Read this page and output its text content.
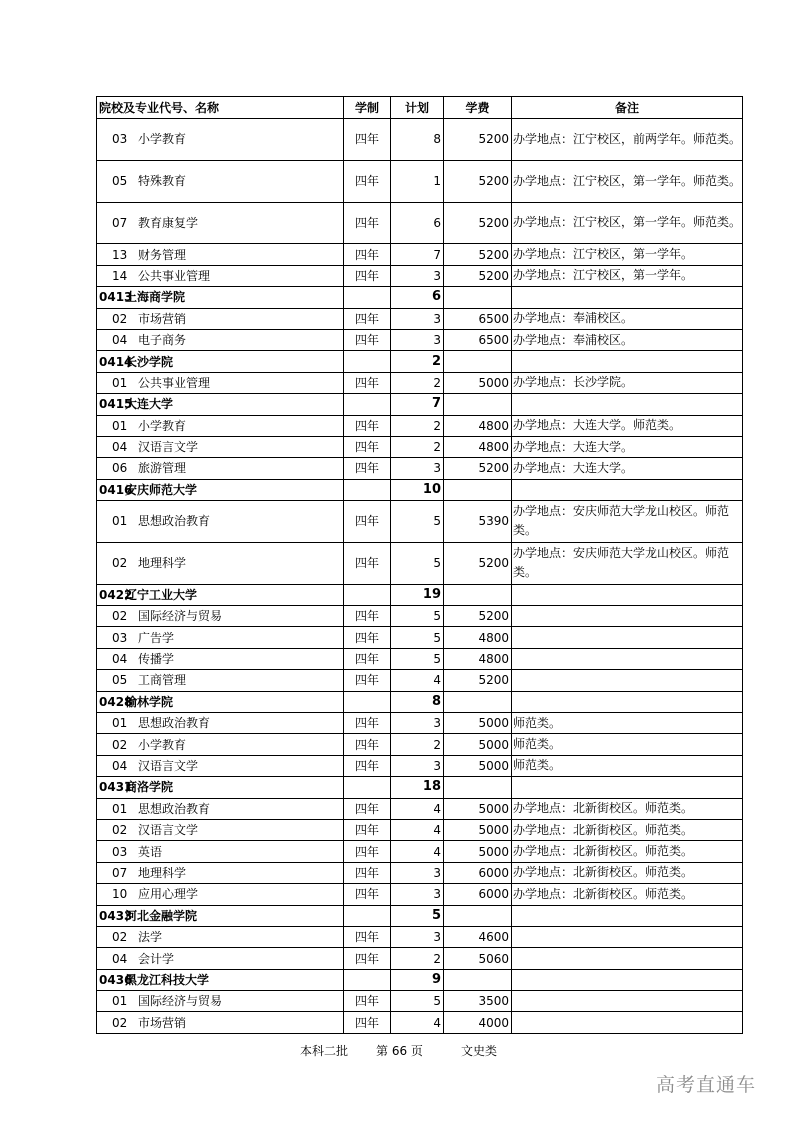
院校及专业代号、名称	学制	计划	学费	备注
03 小学教育	四年	8	5200	办学地点：江宁校区，前两学年。师范类。
05 特殊教育	四年	1	5200	办学地点：江宁校区，第一学年。师范类。
07 教育康复学	四年	6	5200	办学地点：江宁校区，第一学年。师范类。
13 财务管理	四年	7	5200	办学地点：江宁校区，第一学年。
14 公共事业管理	四年	3	5200	办学地点：江宁校区，第一学年。
0413上海商学院		6		
02 市场营销	四年	3	6500	办学地点：奉浦校区。
04 电子商务	四年	3	6500	办学地点：奉浦校区。
0414长沙学院		2		
01 公共事业管理	四年	2	5000	办学地点：长沙学院。
0415大连大学		7		
01 小学教育	四年	2	4800	办学地点：大连大学。师范类。
04 汉语言文学	四年	2	4800	办学地点：大连大学。
06 旅游管理	四年	3	5200	办学地点：大连大学。
0416安庆师范大学		10		
01 思想政治教育	四年	5	5390	办学地点：安庆师范大学龙山校区。师范类。
02 地理科学	四年	5	5200	办学地点：安庆师范大学龙山校区。师范类。
0422辽宁工业大学		19		
02 国际经济与贸易	四年	5	5200	
03 广告学	四年	5	4800	
04 传播学	四年	5	4800	
05 工商管理	四年	4	5200	
0428榆林学院		8		
01 思想政治教育	四年	3	5000	师范类。
02 小学教育	四年	2	5000	师范类。
04 汉语言文学	四年	3	5000	师范类。
0431商洛学院		18		
01 思想政治教育	四年	4	5000	办学地点：北新街校区。师范类。
02 汉语言文学	四年	4	5000	办学地点：北新街校区。师范类。
03 英语	四年	4	5000	办学地点：北新街校区。师范类。
07 地理科学	四年	3	6000	办学地点：北新街校区。师范类。
10 应用心理学	四年	3	6000	办学地点：北新街校区。师范类。
0433河北金融学院		5		
02 法学	四年	3	4600	
04 会计学	四年	2	5060	
0436黑龙江科技大学		9		
01 国际经济与贸易	四年	5	3500	
02 市场营销	四年	4	4000	
本科二批 第 66 页	文史类
高考直通车
